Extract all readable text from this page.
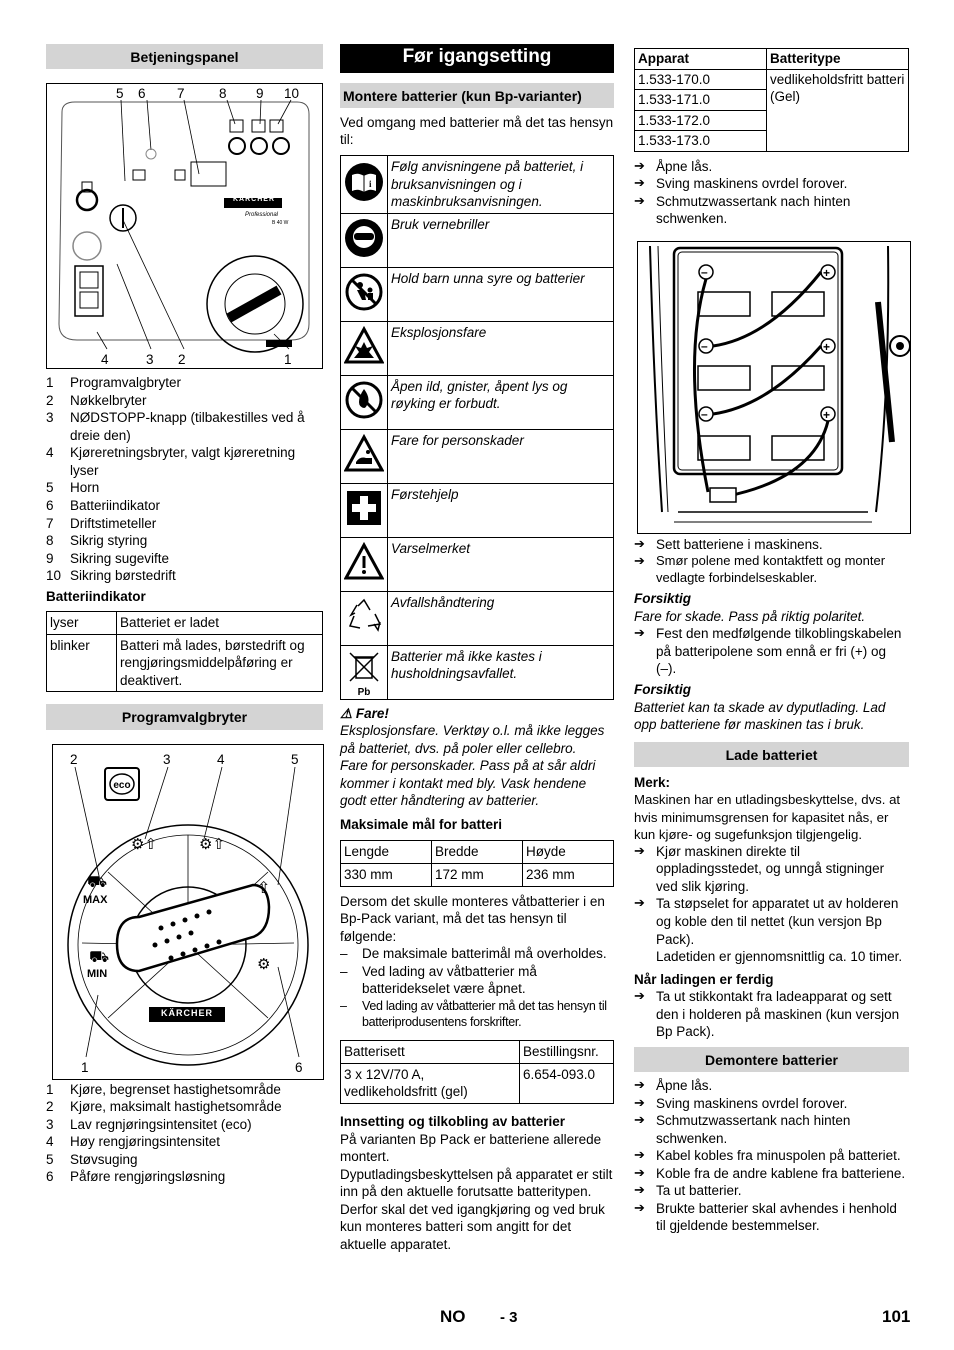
Betjeningspanel
5 6 7	8 9 10
4	3 2	1
KÄRCHER
Professional
B 40 W
1	Programvalgbryter
2	Nøkkelbryter
3	NØDSTOPP-knapp (tilbakestilles ved å dreie den)
4	Kjøreretningsbryter, valgt kjøreretning lyser
5	Horn
6	Batteriindikator
7	Driftstimeteller
8	Sikrig styring
9	Sikring sugevifte
10 Sikring børstedrift
Batteriindikator
lyser	Batteriet er ladet
blinker	Batteri må lades, børstedrift og rengjøringsmiddelpåføring er deaktivert.
Programvalgbryter
2	3	4	5
1	6
eco
MAX
MIN
⛟
⛟
⚙⇧	⚙⇧
⇧
⚙
KÄRCHER
1	Kjøre, begrenset hastighetsområde
2	Kjøre, maksimalt hastighetsområde
3	Lav regnjøringsintensitet (eco)
4	Høy rengjøringsintensitet
5	Støvsuging
6	Påføre rengjøringsløsning
Før igangsetting
Montere batterier (kun Bp-varianter)
Ved omgang med batterier må det tas hensyn til:
i	Følg anvisningene på batteriet, i bruksanvisningen og i maskinbruksanvisningen.
	Bruk vernebriller
	Hold barn unna syre og batterier
	Eksplosjonsfare
	Åpen ild, gnister, åpent lys og røyking er forbudt.
	Fare for personskader
	Førstehjelp
	Varselmerket
	Avfallshåndtering

Pb	Batterier må ikke kastes i husholdningsavfallet.
⚠ Fare!
Eksplosjonsfare. Verktøy o.l. må ikke legges på batteriet, dvs. på poler eller cellebro.
Fare for personskader. Pass på at sår aldri kommer i kontakt med bly. Vask hendene godt etter håndtering av batterier.
Maksimale mål for batteri
Lengde	Bredde	Høyde
330 mm	172 mm	236 mm
Dersom det skulle monteres våtbatterier i en Bp-Pack variant, må det tas hensyn til følgende:
–	De maksimale batterimål må overholdes.
–	Ved lading av våtbatterier må batteridekselet være åpnet.
–	Ved lading av våtbatterier må det tas hensyn til batteriprodusentens forskrifter.
Batterisett	Bestillingsnr.
3 x 12V/70 A, vedlikeholdsfritt (gel)	6.654-093.0
Innsetting og tilkobling av batterier
På varianten Bp Pack er batteriene allerede montert.
Dyputladingsbeskyttelsen på apparatet er stilt inn på den aktuelle forutsatte batteritypen. Derfor skal det ved igangkjøring og ved bruk kun monteres batteri som angitt for det aktuelle apparatet.
Apparat	Batteritype
1.533-170.0	vedlikeholdsfritt batteri (Gel)
1.533-171.0	
1.533-172.0	
1.533-173.0	
➔ Åpne lås.
➔ Sving maskinens ovrdel forover.
➔ Schmutzwassertank nach hinten schwenken.
–	+
–	+
–	+
➔ Sett batteriene i maskinens.
➔ Smør polene med kontaktfett og monter vedlagte forbindelseskabler.
Forsiktig
Fare for skade. Pass på riktig polaritet.
➔ Fest den medfølgende tilkoblingskabelen på batteripolene som ennå er fri (+) og (–).
Forsiktig
Batteriet kan ta skade av dyputlading. Lad opp batteriene før maskinen tas i bruk.
Lade batteriet
Merk:
Maskinen har en utladingsbeskyttelse, dvs. at hvis minimumsgrensen for kapasitet nås, er kun kjøre- og sugefunksjon tilgjengelig.
➔ Kjør maskinen direkte til oppladingsstedet, og unngå stigninger ved slik kjøring.
➔ Ta støpselet for apparatet ut av holderen og koble den til nettet (kun versjon Bp Pack).
Ladetiden er gjennomsnittlig ca. 10 timer.
Når ladingen er ferdig
➔ Ta ut stikkontakt fra ladeapparat og sett den i holderen på maskinen (kun versjon Bp Pack).
Demontere batterier
➔ Åpne lås.
➔ Sving maskinens ovrdel forover.
➔ Schmutzwassertank nach hinten schwenken.
➔ Kabel kobles fra minuspolen på batteriet.
➔ Koble fra de andre kablene fra batteriene.
➔ Ta ut batterier.
➔ Brukte batterier skal avhendes i henhold til gjeldende bestemmelser.
NO - 3	101
